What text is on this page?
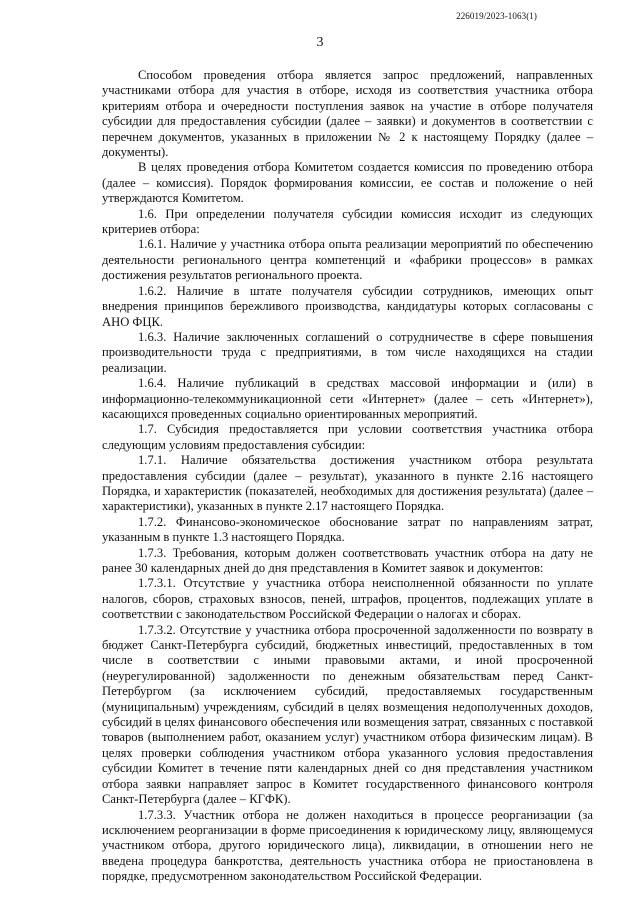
226019/2023-1063(1)
3

Способом проведения отбора является запрос предложений, направленных участниками отбора для участия в отборе, исходя из соответствия участника отбора критериям отбора и очередности поступления заявок на участие в отборе получателя субсидии для предоставления субсидии (далее – заявки) и документов в соответствии с перечнем документов, указанных в приложении № 2 к настоящему Порядку (далее – документы).

В целях проведения отбора Комитетом создается комиссия по проведению отбора (далее – комиссия). Порядок формирования комиссии, ее состав и положение о ней утверждаются Комитетом.

1.6. При определении получателя субсидии комиссия исходит из следующих критериев отбора:

1.6.1. Наличие у участника отбора опыта реализации мероприятий по обеспечению деятельности регионального центра компетенций и «фабрики процессов» в рамках достижения результатов регионального проекта.

1.6.2. Наличие в штате получателя субсидии сотрудников, имеющих опыт внедрения принципов бережливого производства, кандидатуры которых согласованы с АНО ФЦК.

1.6.3. Наличие заключенных соглашений о сотрудничестве в сфере повышения производительности труда с предприятиями, в том числе находящихся на стадии реализации.

1.6.4. Наличие публикаций в средствах массовой информации и (или) в информационно-телекоммуникационной сети «Интернет» (далее – сеть «Интернет»), касающихся проведенных социально ориентированных мероприятий.

1.7. Субсидия предоставляется при условии соответствия участника отбора следующим условиям предоставления субсидии:

1.7.1. Наличие обязательства достижения участником отбора результата предоставления субсидии (далее – результат), указанного в пункте 2.16 настоящего Порядка, и характеристик (показателей, необходимых для достижения результата) (далее – характеристики), указанных в пункте 2.17 настоящего Порядка.

1.7.2. Финансово-экономическое обоснование затрат по направлениям затрат, указанным в пункте 1.3 настоящего Порядка.

1.7.3. Требования, которым должен соответствовать участник отбора на дату не ранее 30 календарных дней до дня представления в Комитет заявок и документов:

1.7.3.1. Отсутствие у участника отбора неисполненной обязанности по уплате налогов, сборов, страховых взносов, пеней, штрафов, процентов, подлежащих уплате в соответствии с законодательством Российской Федерации о налогах и сборах.

1.7.3.2. Отсутствие у участника отбора просроченной задолженности по возврату в бюджет Санкт-Петербурга субсидий, бюджетных инвестиций, предоставленных в том числе в соответствии с иными правовыми актами, и иной просроченной (неурегулированной) задолженности по денежным обязательствам перед Санкт-Петербургом (за исключением субсидий, предоставляемых государственным (муниципальным) учреждениям, субсидий в целях возмещения недополученных доходов, субсидий в целях финансового обеспечения или возмещения затрат, связанных с поставкой товаров (выполнением работ, оказанием услуг) участником отбора физическим лицам). В целях проверки соблюдения участником отбора указанного условия предоставления субсидии Комитет в течение пяти календарных дней со дня представления участником отбора заявки направляет запрос в Комитет государственного финансового контроля Санкт-Петербурга (далее – КГФК).

1.7.3.3. Участник отбора не должен находиться в процессе реорганизации (за исключением реорганизации в форме присоединения к юридическому лицу, являющемуся участником отбора, другого юридического лица), ликвидации, в отношении него не введена процедура банкротства, деятельность участника отбора не приостановлена в порядке, предусмотренном законодательством Российской Федерации.
